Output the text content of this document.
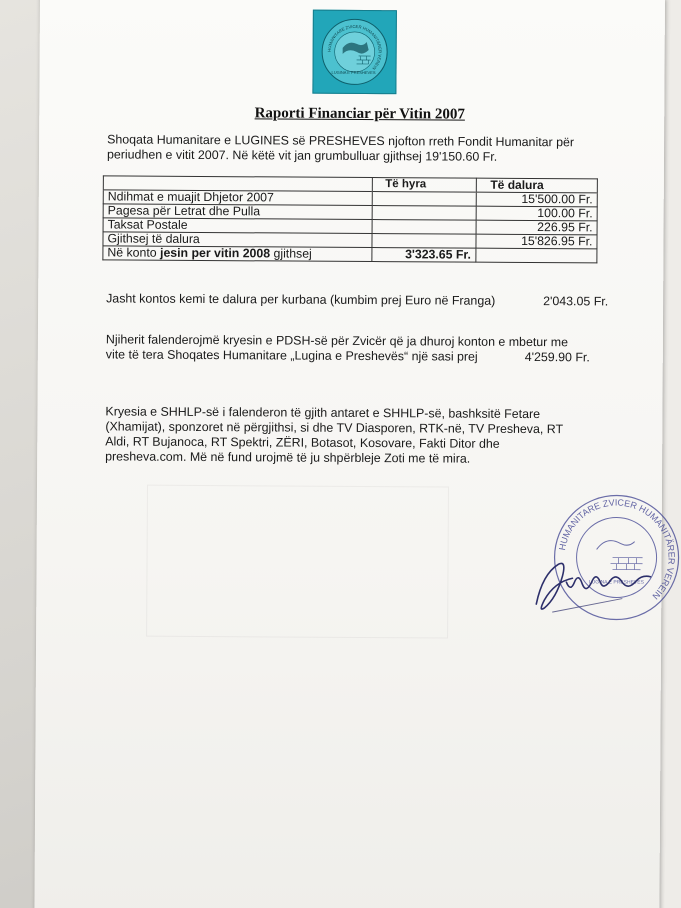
HUMANITARE ZVICER HUMANITÄRER VEREIN
LUGINA E PRESHEVES
Raporti Financiar për Vitin 2007
Shoqata Humanitare e LUGINES së PRESHEVES njofton rreth Fondit Humanitar për
periudhen e vitit 2007. Në këtë vit jan grumbulluar gjithsej 19'150.60 Fr.
	Të hyra	Të dalura
Ndihmat e muajit Dhjetor 2007		15'500.00 Fr.
Pagesa për Letrat dhe Pulla		100.00 Fr.
Taksat Postale		226.95 Fr.
Gjithsej të dalura		15'826.95 Fr.
Në konto jesin per vitin 2008 gjithsej	3'323.65 Fr.	
Jasht kontos kemi te dalura per kurbana (kumbim prej Euro në Franga)	2'043.05 Fr.
Njiherit falenderojmë kryesin e PDSH-së për Zvicër që ja dhuroj konton e mbetur me
vite të tera Shoqates Humanitare „Lugina e Preshevës“ një sasi prej	4'259.90 Fr.
Kryesia e SHHLP-së i falenderon të gjith antaret e SHHLP-së, bashksitë Fetare
(Xhamijat), sponzoret në përgjithsi, si dhe TV Diasporen, RTK-në, TV Presheva, RT
Aldi, RT Bujanoca, RT Spektri, ZËRI, Botasot, Kosovare, Fakti Ditor dhe
presheva.com. Më në fund urojmë të ju shpërbleje Zoti me të mira.
HUMANITARE ZVICER HUMANITÄRER VEREIN
LUGINA E PRESHEVES
